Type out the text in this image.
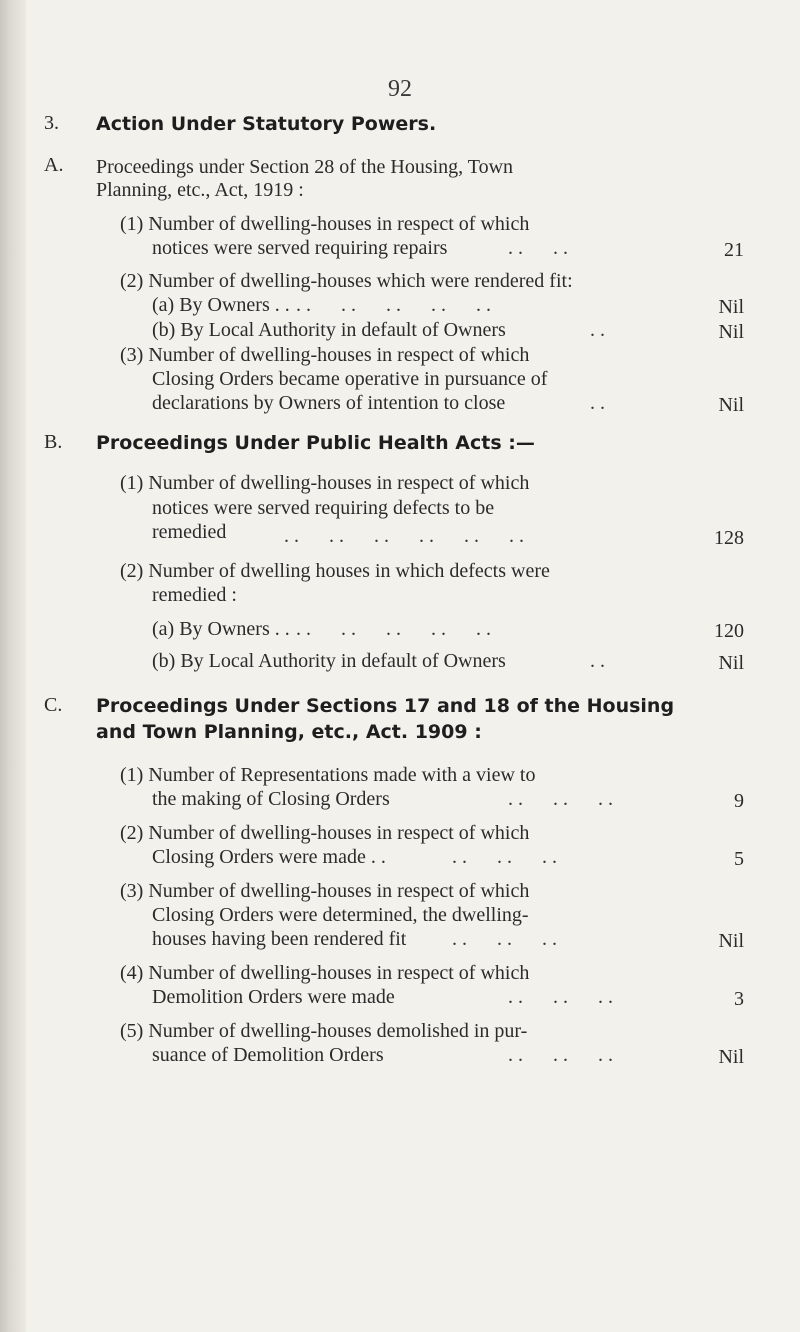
92
3. Action Under Statutory Powers.
A. Proceedings under Section 28 of the Housing, Town
Planning, etc., Act, 1919 :
(1) Number of dwelling-houses in respect of which
notices were served requiring repairs	. .      . .	21
(2) Number of dwelling-houses which were rendered fit:
(a) By Owners . . . .      . .      . .      . .      . .	Nil
(b) By Local Authority in default of Owners	. .	Nil
(3) Number of dwelling-houses in respect of which
Closing Orders became operative in pursuance of
declarations by Owners of intention to close	. .	Nil
B. Proceedings Under Public Health Acts :—
(1) Number of dwelling-houses in respect of which
notices were served requiring defects to be
remedied	. .      . .      . .      . .      . .      . .	128
(2) Number of dwelling houses in which defects were
remedied :
(a) By Owners . . . .      . .      . .      . .      . .	120
(b) By Local Authority in default of Owners	. .	Nil
C. Proceedings Under Sections 17 and 18 of the Housing
and Town Planning, etc., Act. 1909 :
(1) Number of Representations made with a view to
the making of Closing Orders	. .      . .      . .	9
(2) Number of dwelling-houses in respect of which
Closing Orders were made . .	. .      . .      . .	5
(3) Number of dwelling-houses in respect of which
Closing Orders were determined, the dwelling-
houses having been rendered fit . .      . .      . .	Nil
(4) Number of dwelling-houses in respect of which
Demolition Orders were made	. .      . .      . .	3
(5) Number of dwelling-houses demolished in pur-
suance of Demolition Orders	. .      . .      . .	Nil
